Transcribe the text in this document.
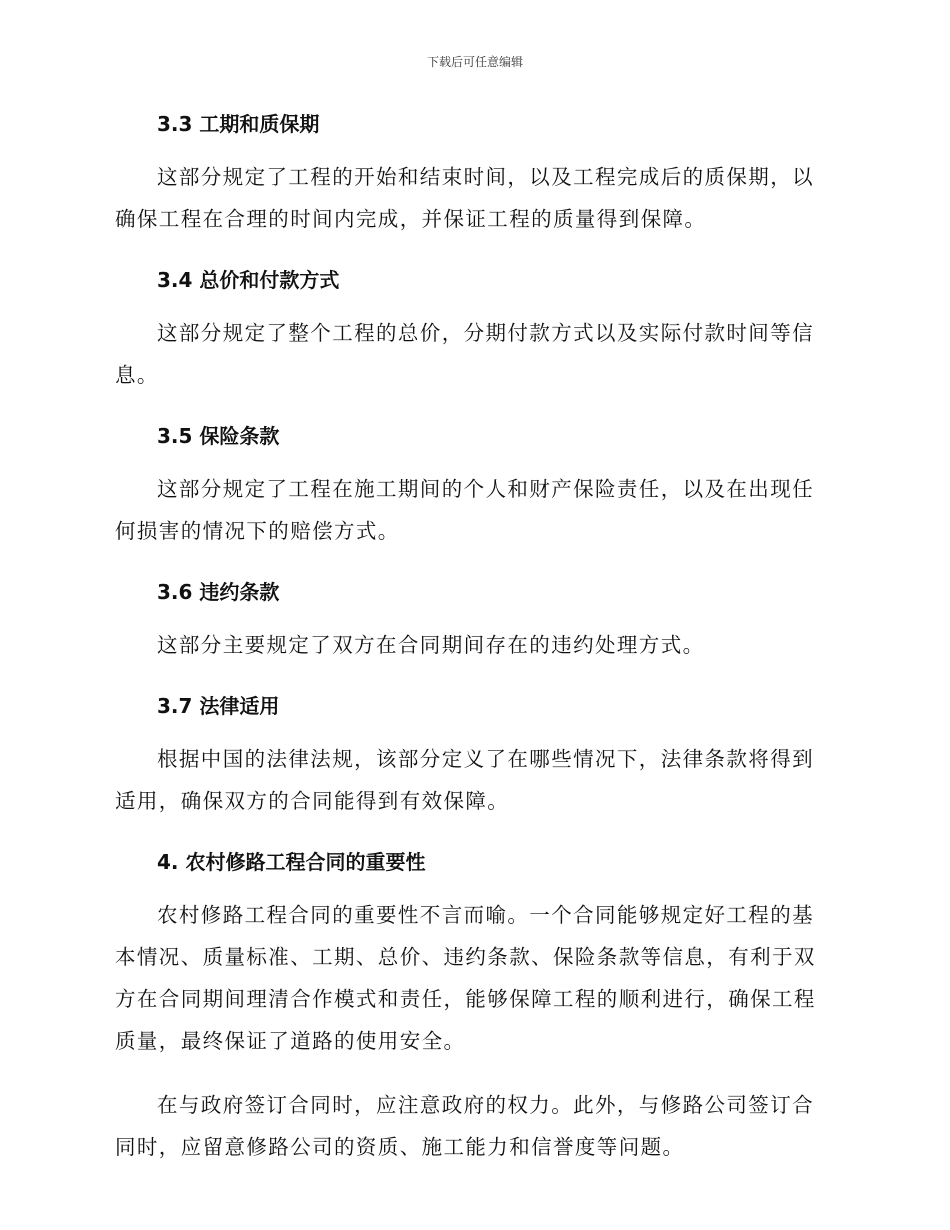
下载后可任意编辑
3.3 工期和质保期

这部分规定了工程的开始和结束时间，以及工程完成后的质保期，以确保工程在合理的时间内完成，并保证工程的质量得到保障。

3.4 总价和付款方式

这部分规定了整个工程的总价，分期付款方式以及实际付款时间等信息。

3.5 保险条款

这部分规定了工程在施工期间的个人和财产保险责任，以及在出现任何损害的情况下的赔偿方式。

3.6 违约条款

这部分主要规定了双方在合同期间存在的违约处理方式。

3.7 法律适用

根据中国的法律法规，该部分定义了在哪些情况下，法律条款将得到适用，确保双方的合同能得到有效保障。

4. 农村修路工程合同的重要性

农村修路工程合同的重要性不言而喻。一个合同能够规定好工程的基本情况、质量标准、工期、总价、违约条款、保险条款等信息，有利于双方在合同期间理清合作模式和责任，能够保障工程的顺利进行，确保工程质量，最终保证了道路的使用安全。

在与政府签订合同时，应注意政府的权力。此外，与修路公司签订合同时，应留意修路公司的资质、施工能力和信誉度等问题。
